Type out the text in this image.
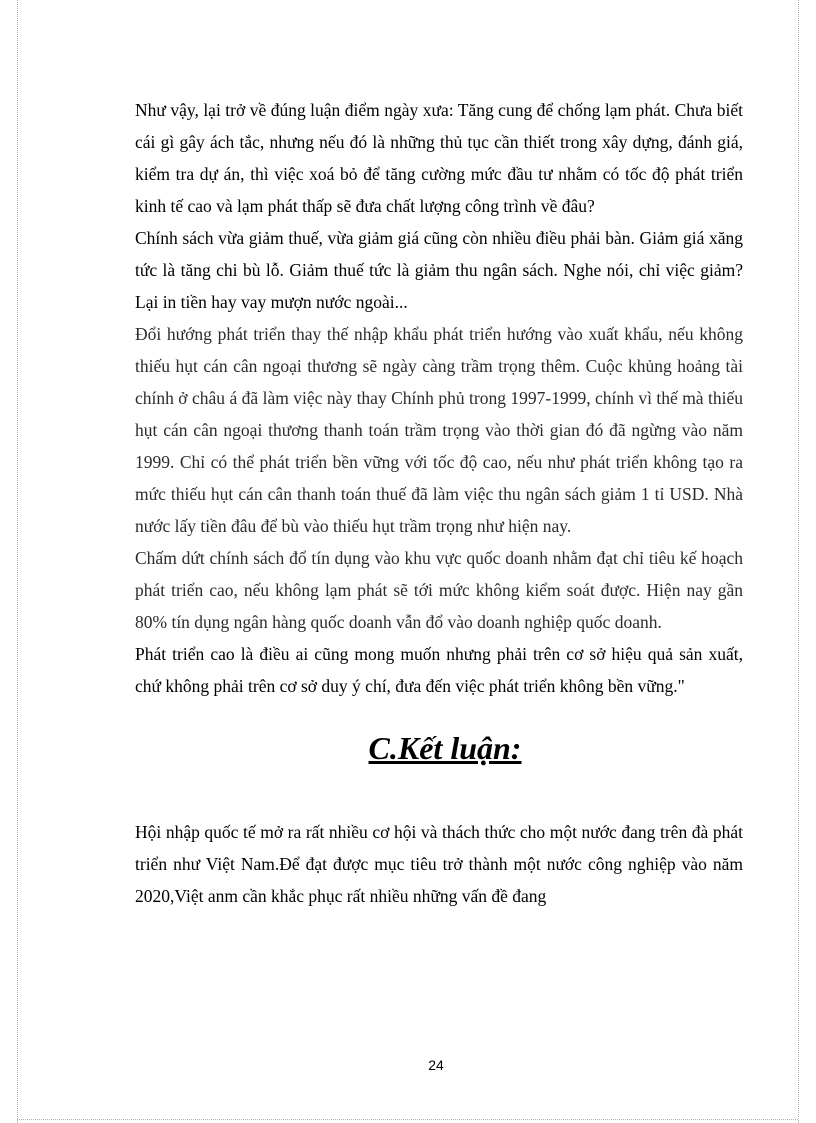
Như vậy, lại trở về đúng luận điểm ngày xưa: Tăng cung để chống lạm phát. Chưa biết cái gì gây ách tắc, nhưng nếu đó là những thủ tục cần thiết trong xây dựng, đánh giá, kiểm tra dự án, thì việc xoá bỏ để tăng cường mức đầu tư nhằm có tốc độ phát triển kinh tế cao và lạm phát thấp sẽ đưa chất lượng công trình về đâu?

Chính sách vừa giảm thuế, vừa giảm giá cũng còn nhiều điều phải bàn. Giảm giá xăng tức là tăng chi bù lỗ. Giảm thuế tức là giảm thu ngân sách. Nghe nói, chỉ việc giảm? Lại in tiền hay vay mượn nước ngoài...

Đổi hướng phát triển thay thế nhập khẩu phát triển hướng vào xuất khẩu, nếu không thiếu hụt cán cân ngoại thương sẽ ngày càng trầm trọng thêm. Cuộc khủng hoảng tài chính ở châu á đã làm việc này thay Chính phủ trong 1997-1999, chính vì thế mà thiếu hụt cán cân ngoại thương thanh toán trầm trọng vào thời gian đó đã ngừng vào năm 1999. Chỉ có thể phát triển bền vững với tốc độ cao, nếu như phát triển không tạo ra mức thiếu hụt cán cân thanh toán thuế đã làm việc thu ngân sách giảm 1 tỉ USD. Nhà nước lấy tiền đâu để bù vào thiếu hụt trầm trọng như hiện nay.

Chấm dứt chính sách đổ tín dụng vào khu vực quốc doanh nhằm đạt chỉ tiêu kế hoạch phát triển cao, nếu không lạm phát sẽ tới mức không kiểm soát được. Hiện nay gần 80% tín dụng ngân hàng quốc doanh vẫn đổ vào doanh nghiệp quốc doanh.

Phát triển cao là điều ai cũng mong muốn nhưng phải trên cơ sở hiệu quả sản xuất, chứ không phải trên cơ sở duy ý chí, đưa đến việc phát triển không bền vững."

C.Kết luận:

Hội nhập quốc tế mở ra rất nhiều cơ hội và thách thức cho một nước đang trên đà phát triển như Việt Nam.Để đạt được mục tiêu trở thành một nước công nghiệp vào năm 2020,Việt anm cần khắc phục rất nhiều những vấn đề đang

24
